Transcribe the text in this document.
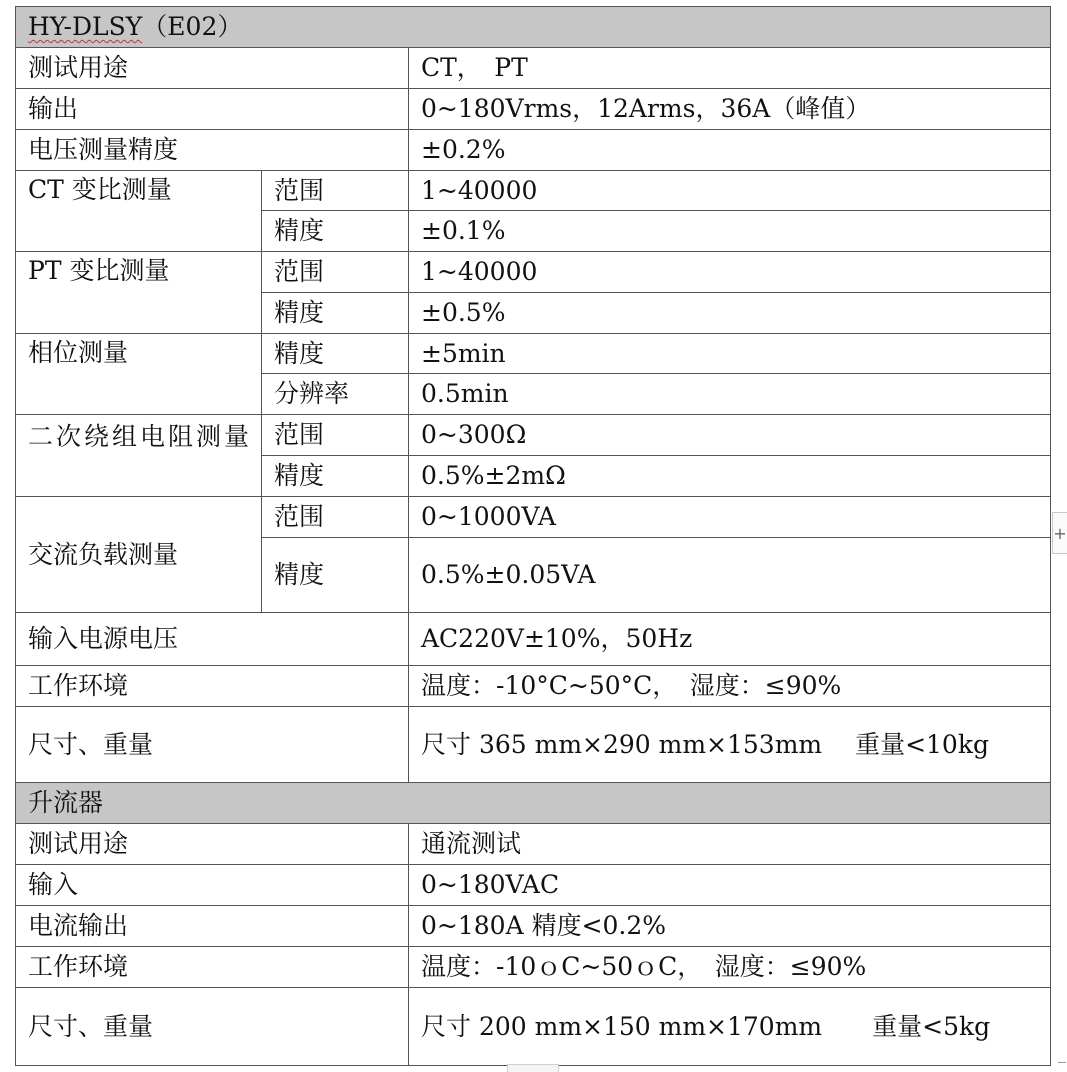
HY-DLSY（E02）		
测试用途		CT，　PT
输出		0~180Vrms，12Arms，36A（峰值）
电压测量精度		±0.2%
CT 变比测量	范围	1~40000
	精度	±0.1%
PT 变比测量	范围	1~40000
	精度	±0.5%
相位测量	精度	±5min
	分辨率	0.5min
二次绕组电阻测量	范围	0~300Ω
	精度	0.5%±2mΩ
交流负载测量	范围	0~1000VA
	精度	0.5%±0.05VA
输入电源电压		AC220V±10%，50Hz
工作环境		温度：-10°C~50°C，　湿度：≤90%
尺寸、重量		尺寸 365 mm×290 mm×153mm　 重量<10kg
升流器		
测试用途		通流测试
输入		0~180VAC
电流输出		0~180A 精度<0.2%
工作环境		温度：-10ｏC~50ｏC，　湿度：≤90%
尺寸、重量		尺寸 200 mm×150 mm×170mm　　重量<5kg
+
